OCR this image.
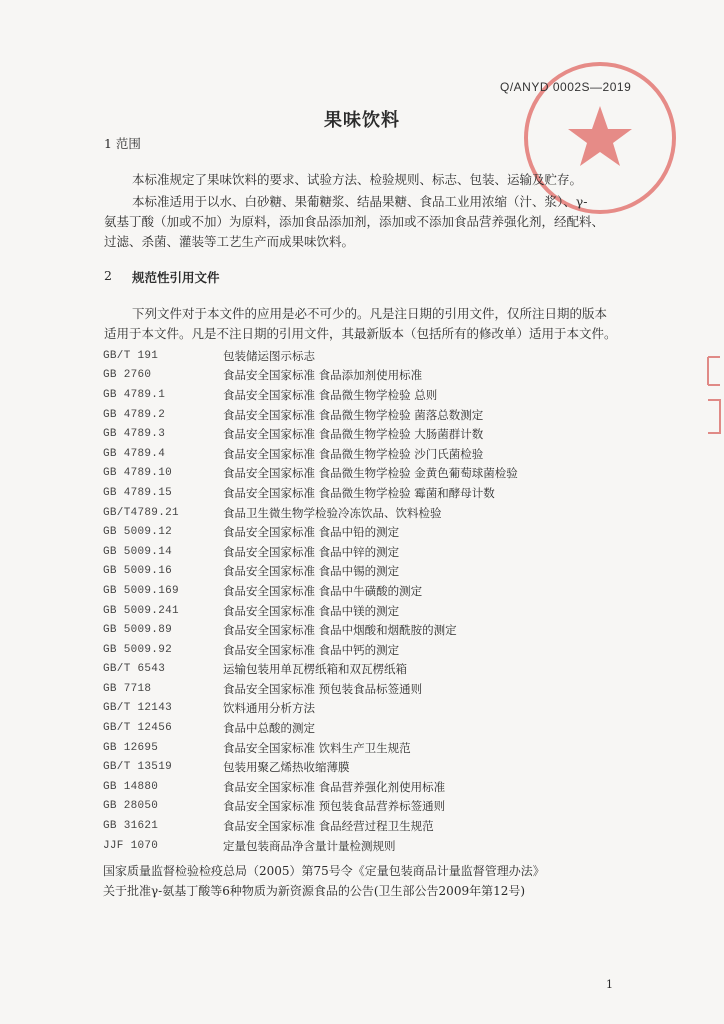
Q/ANYD 0002S—2019
果味饮料
1 范围
本标准规定了果味饮料的要求、试验方法、检验规则、标志、包装、运输及贮存。
本标准适用于以水、白砂糖、果葡糖浆、结晶果糖、食品工业用浓缩（汁、浆）、γ-
氨基丁酸（加或不加）为原料，添加食品添加剂，添加或不添加食品营养强化剂，经配料、
过滤、杀菌、灌装等工艺生产而成果味饮料。
2 规范性引用文件
下列文件对于本文件的应用是必不可少的。凡是注日期的引用文件，仅所注日期的版本
适用于本文件。凡是不注日期的引用文件，其最新版本（包括所有的修改单）适用于本文件。
GB/T 191	包装储运图示标志
GB 2760	食品安全国家标准 食品添加剂使用标准
GB 4789.1	食品安全国家标准 食品微生物学检验 总则
GB 4789.2	食品安全国家标准 食品微生物学检验 菌落总数测定
GB 4789.3	食品安全国家标准 食品微生物学检验 大肠菌群计数
GB 4789.4	食品安全国家标准 食品微生物学检验 沙门氏菌检验
GB 4789.10	食品安全国家标准 食品微生物学检验 金黄色葡萄球菌检验
GB 4789.15	食品安全国家标准 食品微生物学检验 霉菌和酵母计数
GB/T4789.21	食品卫生微生物学检验冷冻饮品、饮料检验
GB 5009.12	食品安全国家标准 食品中铅的测定
GB 5009.14	食品安全国家标准 食品中锌的测定
GB 5009.16	食品安全国家标准 食品中锡的测定
GB 5009.169	食品安全国家标准 食品中牛磺酸的测定
GB 5009.241	食品安全国家标准 食品中镁的测定
GB 5009.89	食品安全国家标准 食品中烟酸和烟酰胺的测定
GB 5009.92	食品安全国家标准 食品中钙的测定
GB/T 6543	运输包装用单瓦楞纸箱和双瓦楞纸箱
GB 7718	食品安全国家标准 预包装食品标签通则
GB/T 12143	饮料通用分析方法
GB/T 12456	食品中总酸的测定
GB 12695	食品安全国家标准 饮料生产卫生规范
GB/T 13519	包装用聚乙烯热收缩薄膜
GB 14880	食品安全国家标准 食品营养强化剂使用标准
GB 28050	食品安全国家标准 预包装食品营养标签通则
GB 31621	食品安全国家标准 食品经营过程卫生规范
JJF 1070	定量包装商品净含量计量检测规则
国家质量监督检验检疫总局（2005）第75号令《定量包装商品计量监督管理办法》
关于批准γ-氨基丁酸等6种物质为新资源食品的公告(卫生部公告2009年第12号)
1
